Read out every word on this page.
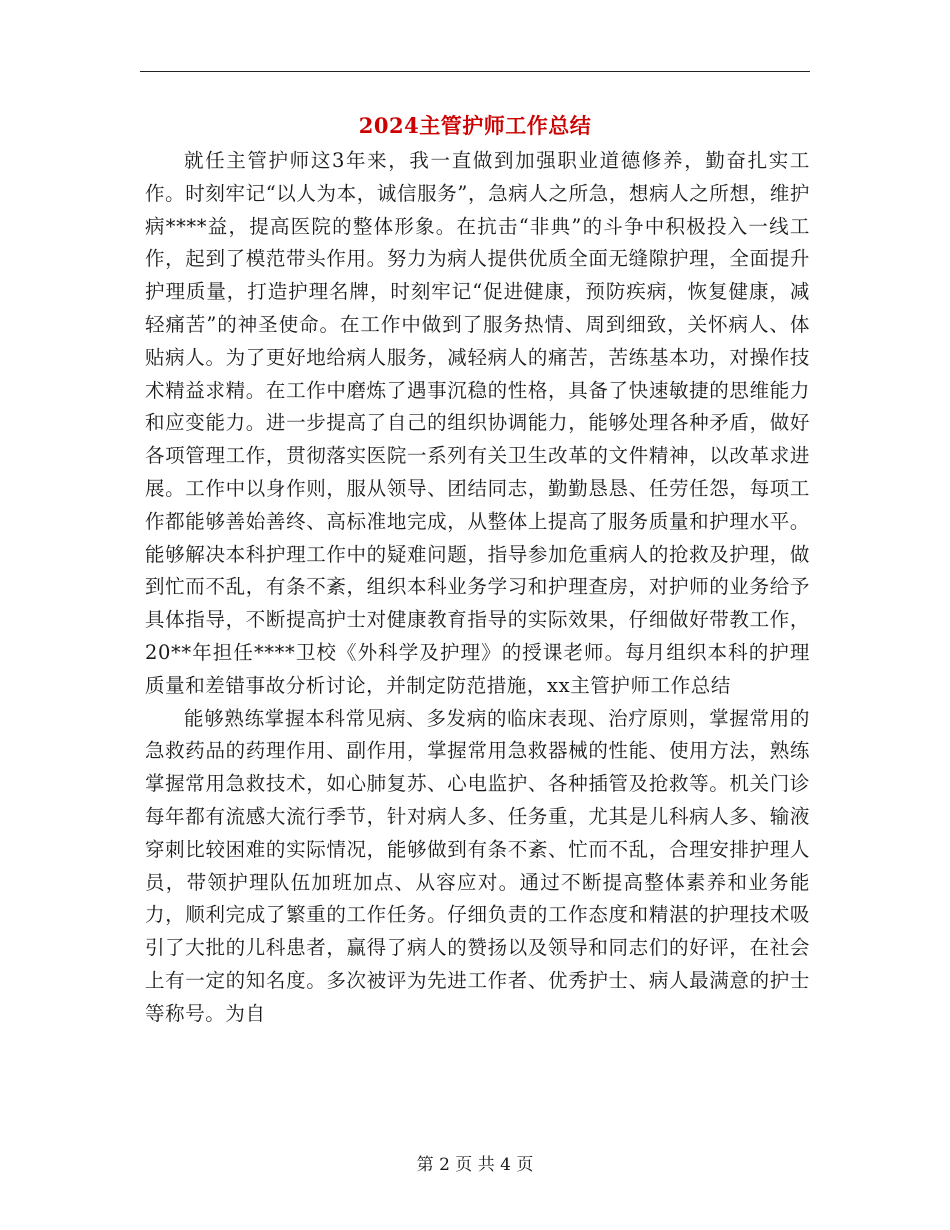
2024主管护师工作总结

就任主管护师这3年来，我一直做到加强职业道德修养，勤奋扎实工作。时刻牢记“以人为本，诚信服务”，急病人之所急，想病人之所想，维护病****益，提高医院的整体形象。在抗击“非典”的斗争中积极投入一线工作，起到了模范带头作用。努力为病人提供优质全面无缝隙护理，全面提升护理质量，打造护理名牌，时刻牢记“促进健康，预防疾病，恢复健康，减轻痛苦”的神圣使命。在工作中做到了服务热情、周到细致，关怀病人、体贴病人。为了更好地给病人服务，减轻病人的痛苦，苦练基本功，对操作技术精益求精。在工作中磨炼了遇事沉稳的性格，具备了快速敏捷的思维能力和应变能力。进一步提高了自己的组织协调能力，能够处理各种矛盾，做好各项管理工作，贯彻落实医院一系列有关卫生改革的文件精神，以改革求进展。工作中以身作则，服从领导、团结同志，勤勤恳恳、任劳任怨，每项工作都能够善始善终、高标准地完成，从整体上提高了服务质量和护理水平。能够解决本科护理工作中的疑难问题，指导参加危重病人的抢救及护理，做到忙而不乱，有条不紊，组织本科业务学习和护理查房，对护师的业务给予具体指导，不断提高护士对健康教育指导的实际效果，仔细做好带教工作，20**年担任****卫校《外科学及护理》的授课老师。每月组织本科的护理质量和差错事故分析讨论，并制定防范措施，xx主管护师工作总结

能够熟练掌握本科常见病、多发病的临床表现、治疗原则，掌握常用的急救药品的药理作用、副作用，掌握常用急救器械的性能、使用方法，熟练掌握常用急救技术，如心肺复苏、心电监护、各种插管及抢救等。机关门诊每年都有流感大流行季节，针对病人多、任务重，尤其是儿科病人多、输液穿刺比较困难的实际情况，能够做到有条不紊、忙而不乱，合理安排护理人员，带领护理队伍加班加点、从容应对。通过不断提高整体素养和业务能力，顺利完成了繁重的工作任务。仔细负责的工作态度和精湛的护理技术吸引了大批的儿科患者，赢得了病人的赞扬以及领导和同志们的好评，在社会上有一定的知名度。多次被评为先进工作者、优秀护士、病人最满意的护士等称号。为自

第 2 页 共 4 页
